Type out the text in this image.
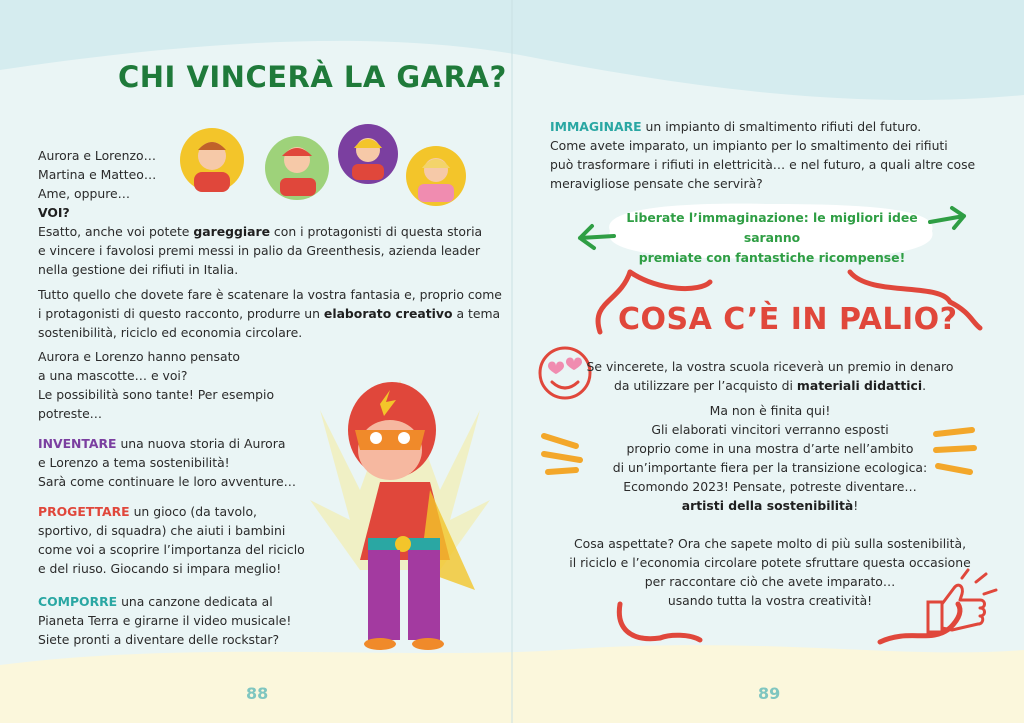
CHI VINCERÀ LA GARA?
Aurora e Lorenzo…
Martina e Matteo…
Ame, oppure…
VOI?
Esatto, anche voi potete gareggiare con i protagonisti di questa storia
e vincere i favolosi premi messi in palio da Greenthesis, azienda leader
nella gestione dei rifiuti in Italia.
Tutto quello che dovete fare è scatenare la vostra fantasia e, proprio come
i protagonisti di questo racconto, produrre un elaborato creativo a tema
sostenibilità, riciclo ed economia circolare.
Aurora e Lorenzo hanno pensato
a una mascotte… e voi?
Le possibilità sono tante! Per esempio
potreste…
INVENTARE una nuova storia di Aurora
e Lorenzo a tema sostenibilità!
Sarà come continuare le loro avventure…
PROGETTARE un gioco (da tavolo,
sportivo, di squadra) che aiuti i bambini
come voi a scoprire l’importanza del riciclo
e del riuso. Giocando si impara meglio!
COMPORRE una canzone dedicata al
Pianeta Terra e girarne il video musicale!
Siete pronti a diventare delle rockstar?
88
IMMAGINARE un impianto di smaltimento rifiuti del futuro.
Come avete imparato, un impianto per lo smaltimento dei rifiuti
può trasformare i rifiuti in elettricità… e nel futuro, a quali altre cose
meravigliose pensate che servirà?
Liberate l’immaginazione: le migliori idee saranno
premiate con fantastiche ricompense!
COSA C’È IN PALIO?
Se vincerete, la vostra scuola riceverà un premio in denaro
da utilizzare per l’acquisto di materiali didattici.
Ma non è finita qui!
Gli elaborati vincitori verranno esposti
proprio come in una mostra d’arte nell’ambito
di un’importante fiera per la transizione ecologica:
Ecomondo 2023! Pensate, potreste diventare…
artisti della sostenibilità!
Cosa aspettate? Ora che sapete molto di più sulla sostenibilità,
il riciclo e l’economia circolare potete sfruttare questa occasione
per raccontare ciò che avete imparato…
usando tutta la vostra creatività!
89
